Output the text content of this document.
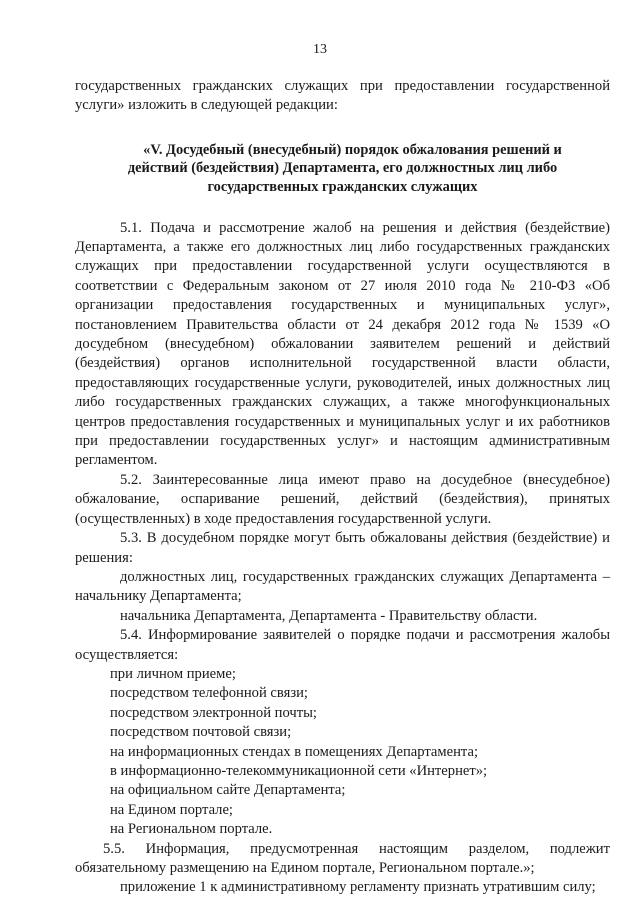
13

государственных гражданских служащих при предоставлении государственной услуги» изложить в следующей редакции:

«V. Досудебный (внесудебный) порядок обжалования решений и
действий (бездействия) Департамента, его должностных лиц либо
государственных гражданских служащих

5.1. Подача и рассмотрение жалоб на решения и действия (бездействие) Департамента, а также его должностных лиц либо государственных гражданских служащих при предоставлении государственной услуги осуществляются в соответствии с Федеральным законом от 27 июля 2010 года № 210-ФЗ «Об организации предоставления государственных и муниципальных услуг», постановлением Правительства области от 24 декабря 2012 года № 1539 «О досудебном (внесудебном) обжаловании заявителем решений и действий (бездействия) органов исполнительной государственной власти области, предоставляющих государственные услуги, руководителей, иных должностных лиц либо государственных гражданских служащих, а также многофункциональных центров предоставления государственных и муниципальных услуг и их работников при предоставлении государственных услуг» и настоящим административным регламентом.

5.2. Заинтересованные лица имеют право на досудебное (внесудебное) обжалование, оспаривание решений, действий (бездействия), принятых (осуществленных) в ходе предоставления государственной услуги.

5.3. В досудебном порядке могут быть обжалованы действия (бездействие) и решения:

должностных лиц, государственных гражданских служащих Департамента – начальнику Департамента;

начальника Департамента, Департамента - Правительству области.

5.4. Информирование заявителей о порядке подачи и рассмотрения жалобы осуществляется:

при личном приеме;
посредством телефонной связи;
посредством электронной почты;
посредством почтовой связи;
на информационных стендах в помещениях Департамента;
в информационно-телекоммуникационной сети «Интернет»;
на официальном сайте Департамента;
на Едином портале;
на Региональном портале.

5.5. Информация, предусмотренная настоящим разделом, подлежит обязательному размещению на Едином портале, Региональном портале.»;

приложение 1 к административному регламенту признать утратившим силу;
